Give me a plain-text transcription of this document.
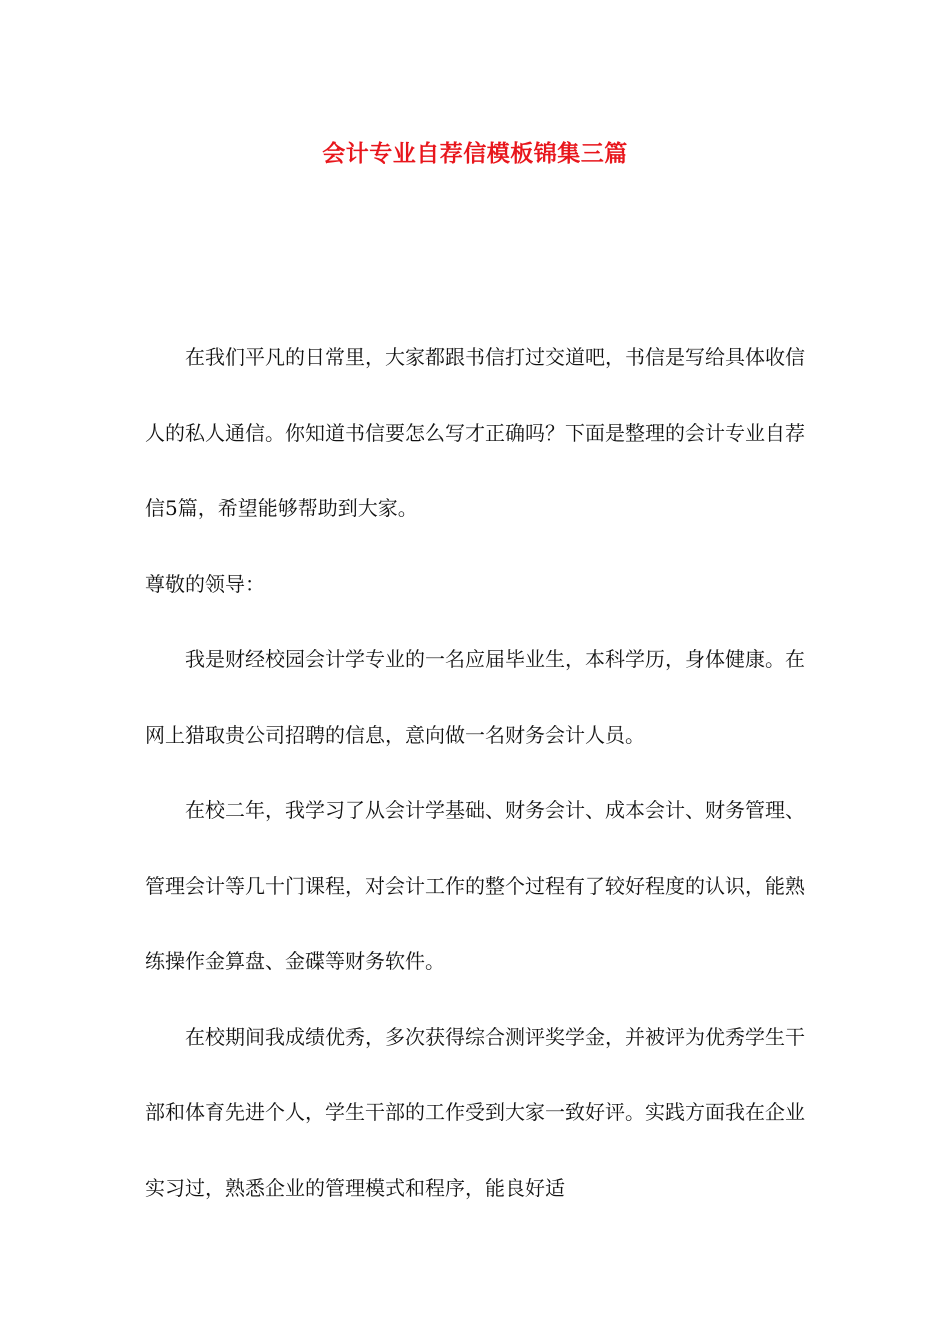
会计专业自荐信模板锦集三篇

在我们平凡的日常里，大家都跟书信打过交道吧，书信是写给具体收信人的私人通信。你知道书信要怎么写才正确吗？下面是整理的会计专业自荐信5篇，希望能够帮助到大家。

尊敬的领导：

我是财经校园会计学专业的一名应届毕业生，本科学历，身体健康。在网上猎取贵公司招聘的信息，意向做一名财务会计人员。

在校二年，我学习了从会计学基础、财务会计、成本会计、财务管理、管理会计等几十门课程，对会计工作的整个过程有了较好程度的认识，能熟练操作金算盘、金碟等财务软件。

在校期间我成绩优秀，多次获得综合测评奖学金，并被评为优秀学生干部和体育先进个人，学生干部的工作受到大家一致好评。实践方面我在企业实习过，熟悉企业的管理模式和程序，能良好适
